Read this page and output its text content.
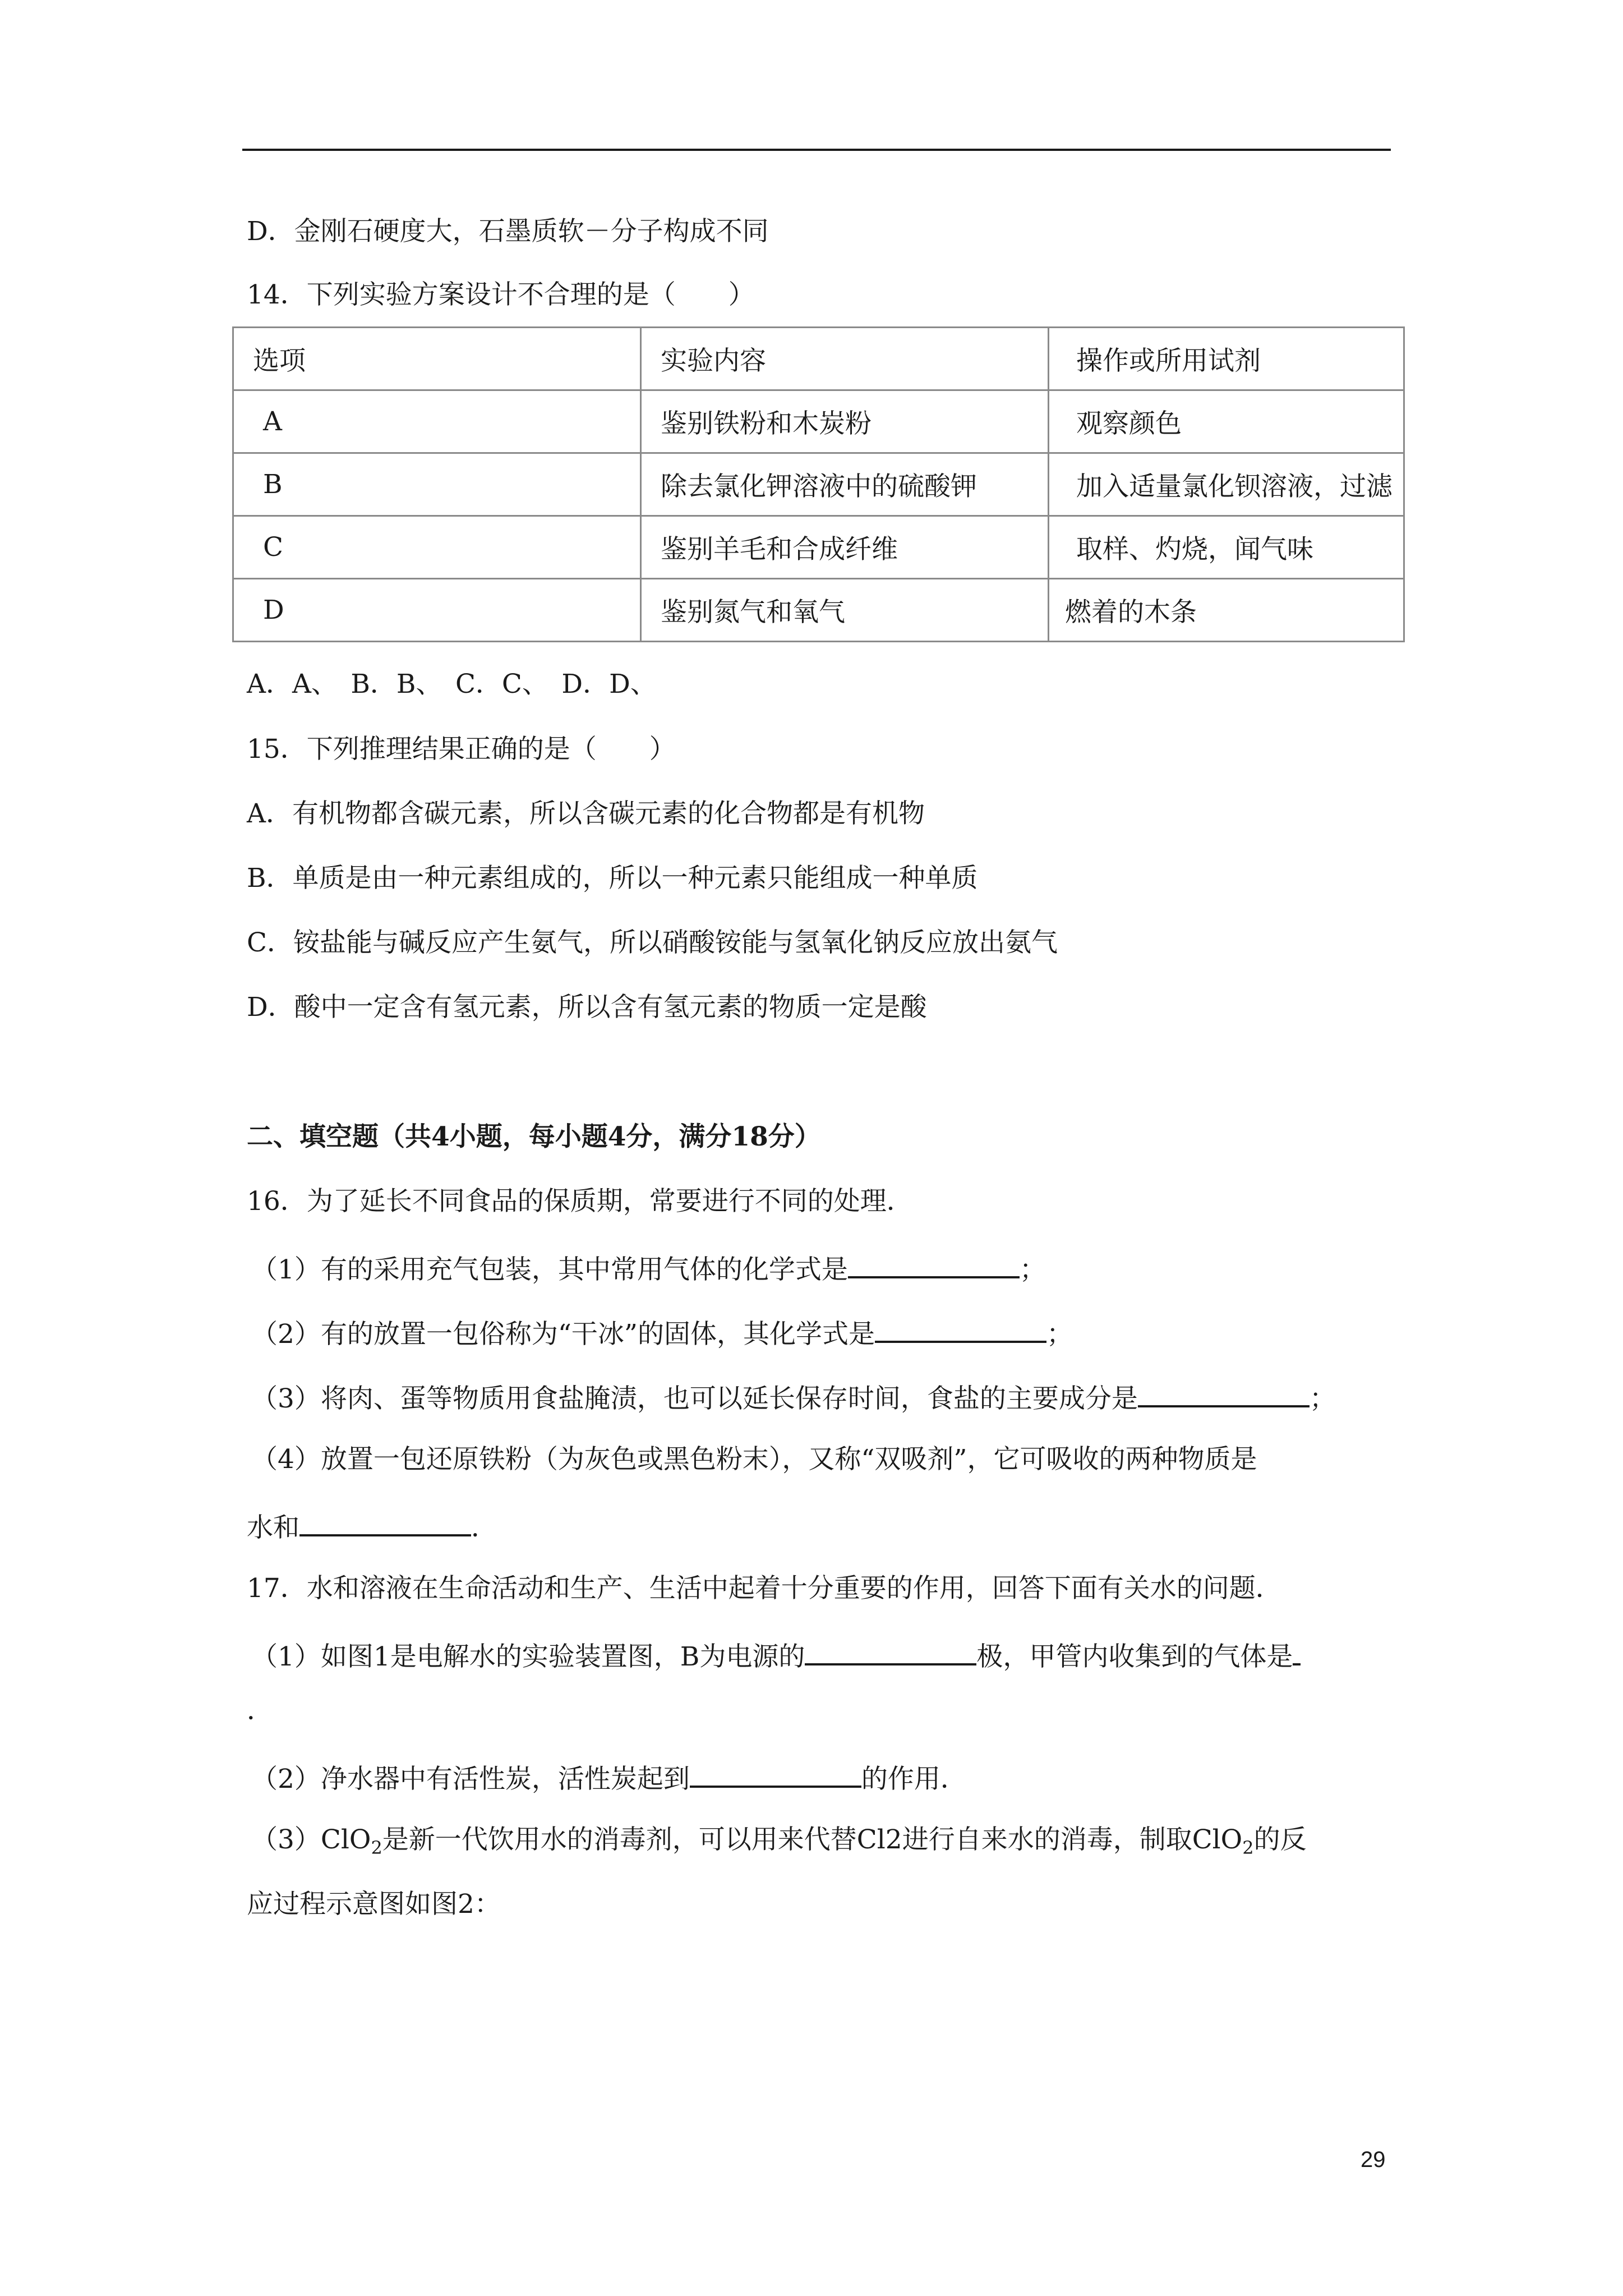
D．金刚石硬度大，石墨质软－分子构成不同
14．下列实验方案设计不合理的是（　　）
选项	实验内容	操作或所用试剂
A	鉴别铁粉和木炭粉	观察颜色
B	除去氯化钾溶液中的硫酸钾	加入适量氯化钡溶液，过滤
C	鉴别羊毛和合成纤维	取样、灼烧，闻气味
D	鉴别氮气和氧气	燃着的木条
A．A、　B．B、　C．C、　D．D、
15．下列推理结果正确的是（　　）
A．有机物都含碳元素，所以含碳元素的化合物都是有机物
B．单质是由一种元素组成的，所以一种元素只能组成一种单质
C．铵盐能与碱反应产生氨气，所以硝酸铵能与氢氧化钠反应放出氨气
D．酸中一定含有氢元素，所以含有氢元素的物质一定是酸
二、填空题（共4小题，每小题4分，满分18分）
16．为了延长不同食品的保质期，常要进行不同的处理．
（1）有的采用充气包装，其中常用气体的化学式是	；
（2）有的放置一包俗称为“干冰”的固体，其化学式是	；
（3）将肉、蛋等物质用食盐腌渍，也可以延长保存时间，食盐的主要成分是	；
（4）放置一包还原铁粉（为灰色或黑色粉末），又称“双吸剂”，它可吸收的两种物质是
水和	．
17．水和溶液在生命活动和生产、生活中起着十分重要的作用，回答下面有关水的问题．
（1）如图1是电解水的实验装置图，B为电源的	极，甲管内收集到的气体是
．
（2）净水器中有活性炭，活性炭起到	的作用．
（3）ClO$_2$是新一代饮用水的消毒剂，可以用来代替Cl2进行自来水的消毒，制取ClO$_2$的反
应过程示意图如图2：
29
